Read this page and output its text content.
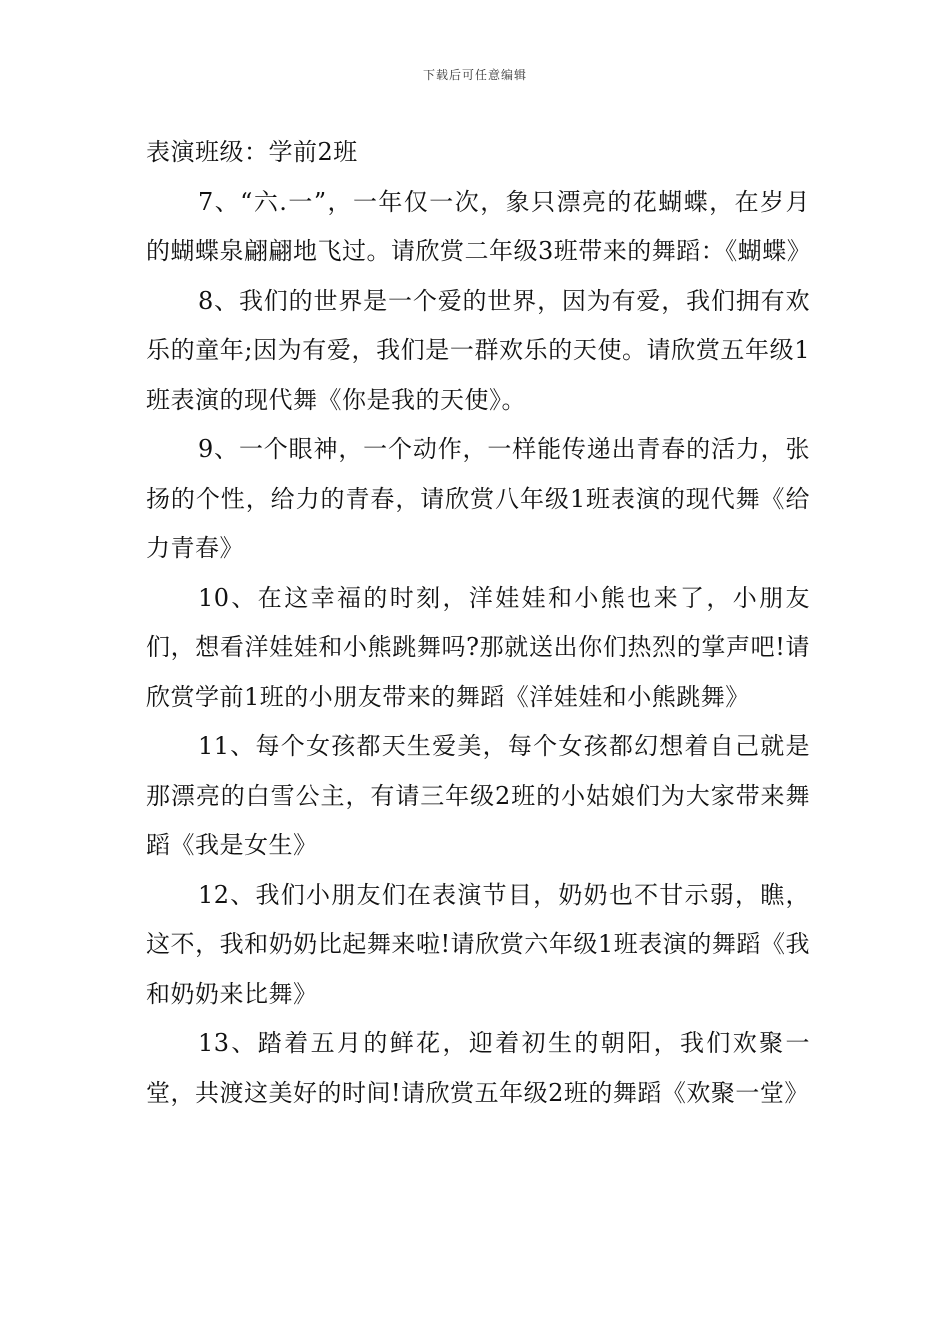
下载后可任意编辑

表演班级：学前2班

7、“六.一”，一年仅一次，象只漂亮的花蝴蝶，在岁月的蝴蝶泉翩翩地飞过。请欣赏二年级3班带来的舞蹈：《蝴蝶》

8、我们的世界是一个爱的世界，因为有爱，我们拥有欢乐的童年;因为有爱，我们是一群欢乐的天使。请欣赏五年级1班表演的现代舞《你是我的天使》。

9、一个眼神，一个动作，一样能传递出青春的活力，张扬的个性，给力的青春，请欣赏八年级1班表演的现代舞《给力青春》

10、在这幸福的时刻，洋娃娃和小熊也来了，小朋友们，想看洋娃娃和小熊跳舞吗?那就送出你们热烈的掌声吧!请欣赏学前1班的小朋友带来的舞蹈《洋娃娃和小熊跳舞》

11、每个女孩都天生爱美，每个女孩都幻想着自己就是那漂亮的白雪公主，有请三年级2班的小姑娘们为大家带来舞蹈《我是女生》

12、我们小朋友们在表演节目，奶奶也不甘示弱，瞧，这不，我和奶奶比起舞来啦!请欣赏六年级1班表演的舞蹈《我和奶奶来比舞》

13、踏着五月的鲜花，迎着初生的朝阳，我们欢聚一堂，共渡这美好的时间!请欣赏五年级2班的舞蹈《欢聚一堂》
